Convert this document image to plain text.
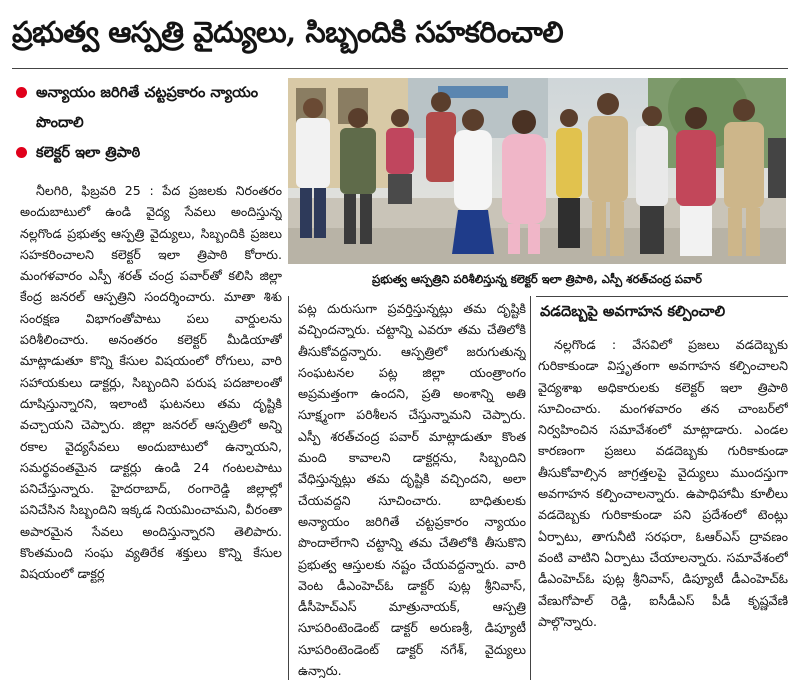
ప్రభుత్వ ఆస్పత్రి వైద్యులు, సిబ్బందికి సహకరించాలి
అన్యాయం జరిగితే చట్టప్రకారం న్యాయం పొందాలి
కలెక్టర్ ఇలా త్రిపాఠి
ప్రభుత్వ ఆస్పత్రిని పరిశీలిస్తున్న కలెక్టర్ ఇలా త్రిపాఠి, ఎస్పీ శరత్‌చంద్ర పవార్

నీలగిరి, ఫిబ్రవరి 25 : పేద ప్రజలకు నిరంతరం అందుబాటులో ఉండి వైద్య సేవలు అందిస్తున్న నల్లగొండ ప్రభుత్వ ఆస్పత్రి వైద్యులు, సిబ్బందికి ప్రజలు సహకరించాలని కలెక్టర్ ఇలా త్రిపాఠి కోరారు. మంగళవారం ఎస్పీ శరత్ చంద్ర పవార్‌తో కలిసి జిల్లా కేంద్ర జనరల్ ఆస్పత్రిని సందర్శించారు. మాతా శిశు సంరక్షణ విభాగంతోపాటు పలు వార్డులను పరిశీలించారు. అనంతరం కలెక్టర్ మీడియాతో మాట్లాడుతూ కొన్ని కేసుల విషయంలో రోగులు, వారి సహాయకులు డాక్టర్లు, సిబ్బందిని పరుష పదజాలంతో దూషిస్తున్నారని, ఇలాంటి ఘటనలు తమ దృష్టికి వచ్చాయని చెప్పారు. జిల్లా జనరల్ ఆస్పత్రిలో అన్ని రకాల వైద్యసేవలు అందుబాటులో ఉన్నాయని, సమర్థవంతమైన డాక్టర్లు ఉండి 24 గంటలపాటు పనిచేస్తున్నారు. హైదరాబాద్, రంగారెడ్డి జిల్లాల్లో పనిచేసిన సిబ్బందిని ఇక్కడ నియమించామని, వీరంతా అపారమైన సేవలు అందిస్తున్నారని తెలిపారు. కొంతమంది సంఘ వ్యతిరేక శక్తులు కొన్ని కేసుల విషయంలో డాక్టర్ల

పట్ల దురుసుగా ప్రవర్తిస్తున్నట్లు తమ దృష్టికి వచ్చిందన్నారు. చట్టాన్ని ఎవరూ తమ చేతిలోకి తీసుకోవద్దన్నారు. ఆస్పత్రిలో జరుగుతున్న సంఘటనల పట్ల జిల్లా యంత్రాంగం అప్రమత్తంగా ఉందని, ప్రతి అంశాన్ని అతి సూక్ష్మంగా పరిశీలన చేస్తున్నామని చెప్పారు. ఎస్పీ శరత్‌చంద్ర పవార్ మాట్లాడుతూ కొంత మంది కావాలని డాక్టర్లను, సిబ్బందిని వేధిస్తున్నట్లు తమ దృష్టికి వచ్చిందని, అలా చేయవద్దని సూచించారు. బాధితులకు అన్యాయం జరిగితే చట్టప్రకారం న్యాయం పొందాలేగాని చట్టాన్ని తమ చేతిలోకి తీసుకొని ప్రభుత్వ ఆస్తులకు నష్టం చేయవద్దన్నారు. వారి వెంట డీఎంహెచ్‌ఓ డాక్టర్ పుట్ల శ్రీనివాస్, డీసీహెచ్ఎస్ మాత్రునాయక్, ఆస్పత్రి సూపరింటెండెంట్ డాక్టర్ అరుణశ్రీ, డిప్యూటీ సూపరింటెండెంట్ డాక్టర్ నగేశ్, వైద్యులు ఉన్నారు.

వడదెబ్బపై అవగాహన కల్పించాలి

నల్లగొండ : వేసవిలో ప్రజలు వడదెబ్బకు గురికాకుండా విస్తృతంగా అవగాహన కల్పించాలని వైద్యశాఖ అధికారులకు కలెక్టర్ ఇలా త్రిపాఠి సూచించారు. మంగళవారం తన చాంబర్‌లో నిర్వహించిన సమావేశంలో మాట్లాడారు. ఎండల కారణంగా ప్రజలు వడదెబ్బకు గురికాకుండా తీసుకోవాల్సిన జాగ్రత్తలపై వైద్యులు ముందస్తుగా అవగాహన కల్పించాలన్నారు. ఉపాధిహామీ కూలీలు వడదెబ్బకు గురికాకుండా పని ప్రదేశంలో టెంట్లు ఏర్పాటు, తాగునీటి సరఫరా, ఓఆర్ఎస్ ద్రావణం వంటి వాటిని ఏర్పాటు చేయాలన్నారు. సమావేశంలో డీఎంహెచ్ఓ పుట్ల శ్రీనివాస్, డిప్యూటీ డీఎంహెచ్ఓ వేణుగోపాల్ రెడ్డి, ఐసీడీఎస్ పీడీ కృష్ణవేణి పాల్గొన్నారు.
